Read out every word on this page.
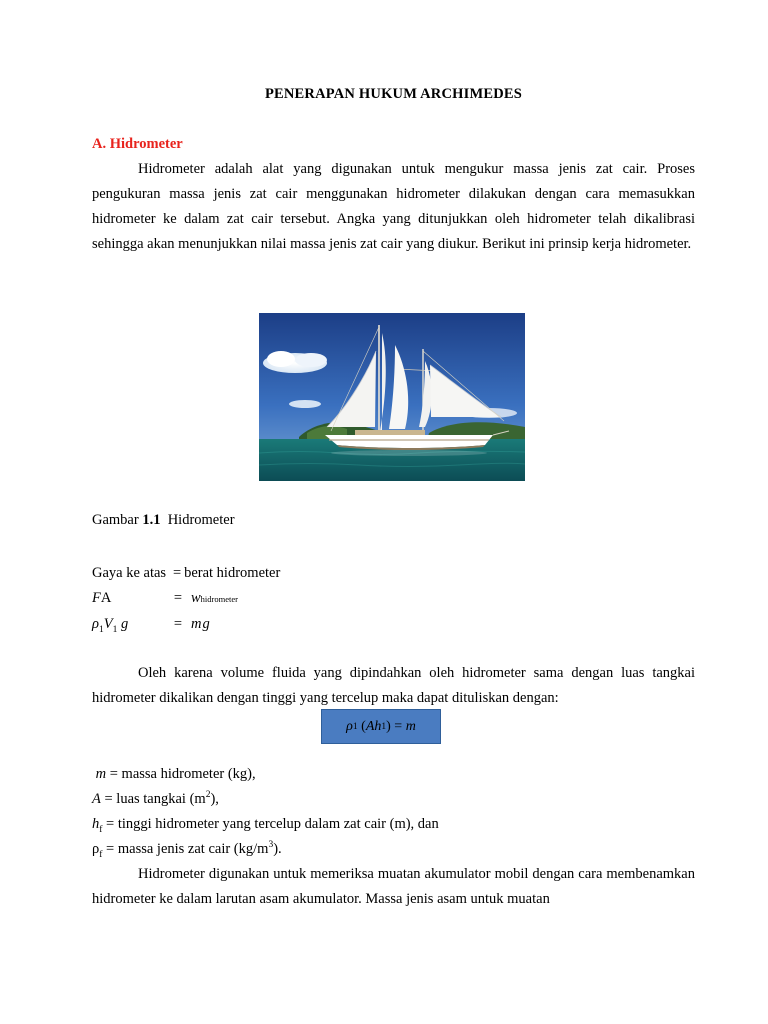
PENERAPAN HUKUM ARCHIMEDES
A. Hidrometer

Hidrometer adalah alat yang digunakan untuk mengukur massa jenis zat cair. Proses pengukuran massa jenis zat cair menggunakan hidrometer dilakukan dengan cara memasukkan hidrometer ke dalam zat cair tersebut. Angka yang ditunjukkan oleh hidrometer telah dikalibrasi sehingga akan menunjukkan nilai massa jenis zat cair yang diukur. Berikut ini prinsip kerja hidrometer.

Gambar 1.1  Hidrometer
Gaya ke atas	=	berat hidrometer
FA	=	whidrometer
$\rho_1V_1$ g	=	mg

Oleh karena volume fluida yang dipindahkan oleh hidrometer sama dengan luas tangkai hidrometer dikalikan dengan tinggi yang tercelup maka dapat dituliskan dengan:

ρ 1 ( A h 1 ) = m
m = massa hidrometer (kg),
A = luas tangkai $(m^2)$,
$h_f$ = tinggi hidrometer yang tercelup dalam zat cair (m), dan
$\rho_f$ = massa jenis zat cair $(kg/m^3)$.

Hidrometer digunakan untuk memeriksa muatan akumulator mobil dengan cara membenamkan hidrometer ke dalam larutan asam akumulator. Massa jenis asam untuk muatan
